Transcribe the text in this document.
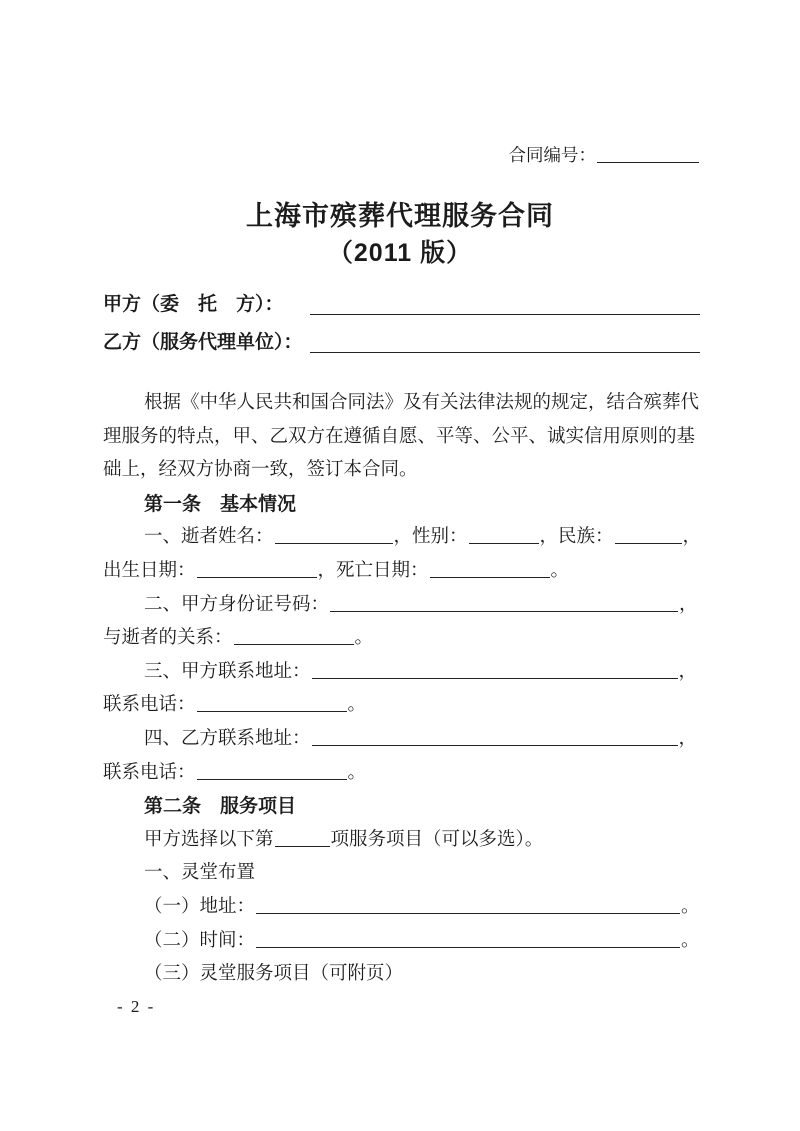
合同编号：
上海市殡葬代理服务合同
（2011 版）
甲方（委　托　方）：
乙方（服务代理单位）：
根据《中华人民共和国合同法》及有关法律法规的规定，结合殡葬代
理服务的特点，甲、乙双方在遵循自愿、平等、公平、诚实信用原则的基
础上，经双方协商一致，签订本合同。
第一条　基本情况
一、逝者姓名：	，性别：	，民族：	，
出生日期：	，死亡日期：	。
二、甲方身份证号码：	，
与逝者的关系：	。
三、甲方联系地址：	，
联系电话：	。
四、乙方联系地址：	，
联系电话：	。
第二条　服务项目
甲方选择以下第	项服务项目（可以多选）。
一、灵堂布置
（一）地址：	。
（二）时间：	。
（三）灵堂服务项目（可附页）
- 2 -
